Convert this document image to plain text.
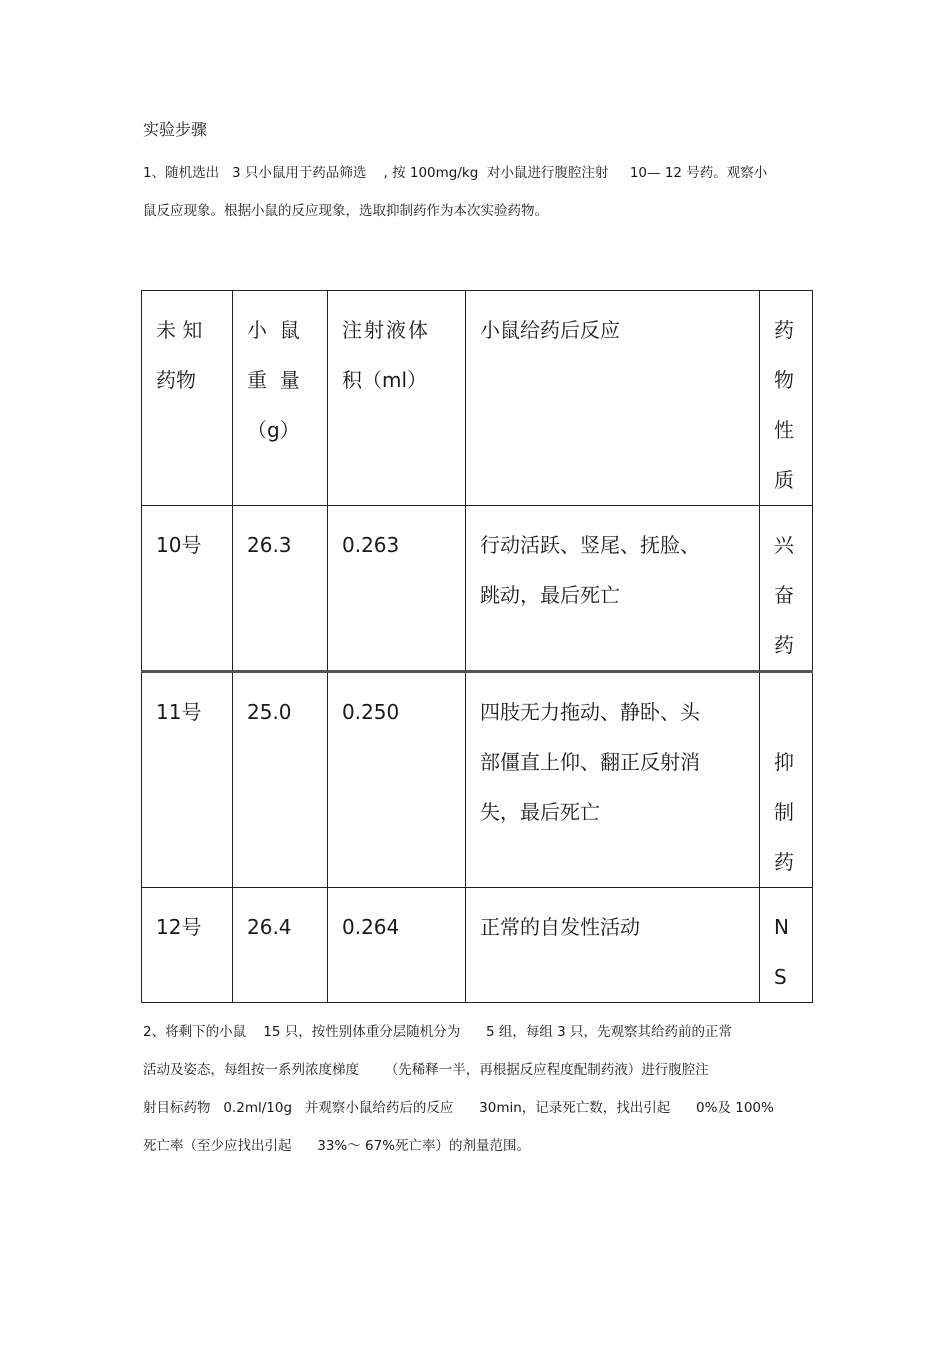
实验步骤
1、随机选出   3 只小鼠用于药品筛选    , 按 100mg/kg  对小鼠进行腹腔注射     10— 12 号药。观察小
鼠反应现象。根据小鼠的反应现象，选取抑制药作为本次实验药物。
未 知
药物	小  鼠
重  量
（g）	注射液体
积（ml）	小鼠给药后反应	药
物
性
质

10号	26.3	0.263	行动活跃、竖尾、抚脸、
跳动，最后死亡	兴
奋
药

11号	25.0	0.250	四肢无力拖动、静卧、头
部僵直上仰、翻正反射消
失，最后死亡	抑
制
药

12号	26.4	0.264	正常的自发性活动	N
S
2、将剩下的小鼠    15 只，按性别体重分层随机分为      5 组，每组 3 只，先观察其给药前的正常
活动及姿态，每组按一系列浓度梯度      （先稀释一半，再根据反应程度配制药液）进行腹腔注
射目标药物   0.2ml/10g   并观察小鼠给药后的反应      30min，记录死亡数，找出引起      0%及 100%
死亡率（至少应找出引起      33%～ 67%死亡率）的剂量范围。
